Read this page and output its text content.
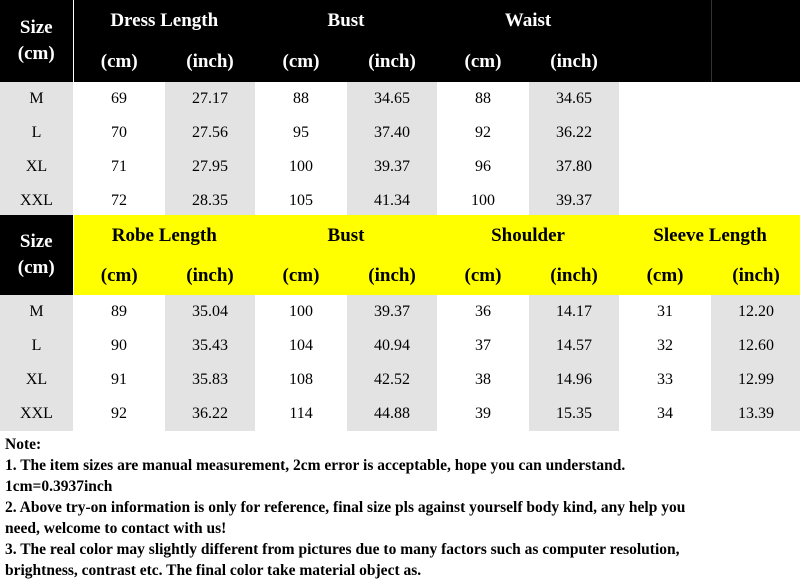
Size
(cm)	Dress Length		Bust		Waist			
	(cm)	(inch)	(cm)	(inch)	(cm)	(inch)		
M	69	27.17	88	34.65	88	34.65		
L	70	27.56	95	37.40	92	36.22		
XL	71	27.95	100	39.37	96	37.80		
XXL	72	28.35	105	41.34	100	39.37		
Size
(cm)	Robe Length		Bust		Shoulder		Sleeve Length	
	(cm)	(inch)	(cm)	(inch)	(cm)	(inch)	(cm)	(inch)
M	89	35.04	100	39.37	36	14.17	31	12.20
L	90	35.43	104	40.94	37	14.57	32	12.60
XL	91	35.83	108	42.52	38	14.96	33	12.99
XXL	92	36.22	114	44.88	39	15.35	34	13.39
Note:
1. The item sizes are manual measurement, 2cm error is acceptable, hope you can understand.
1cm=0.3937inch
2. Above try-on information is only for reference, final size pls against yourself body kind, any help you
need, welcome to contact with us!
3. The real color may slightly different from pictures due to many factors such as computer resolution,
brightness, contrast etc. The final color take material object as.
